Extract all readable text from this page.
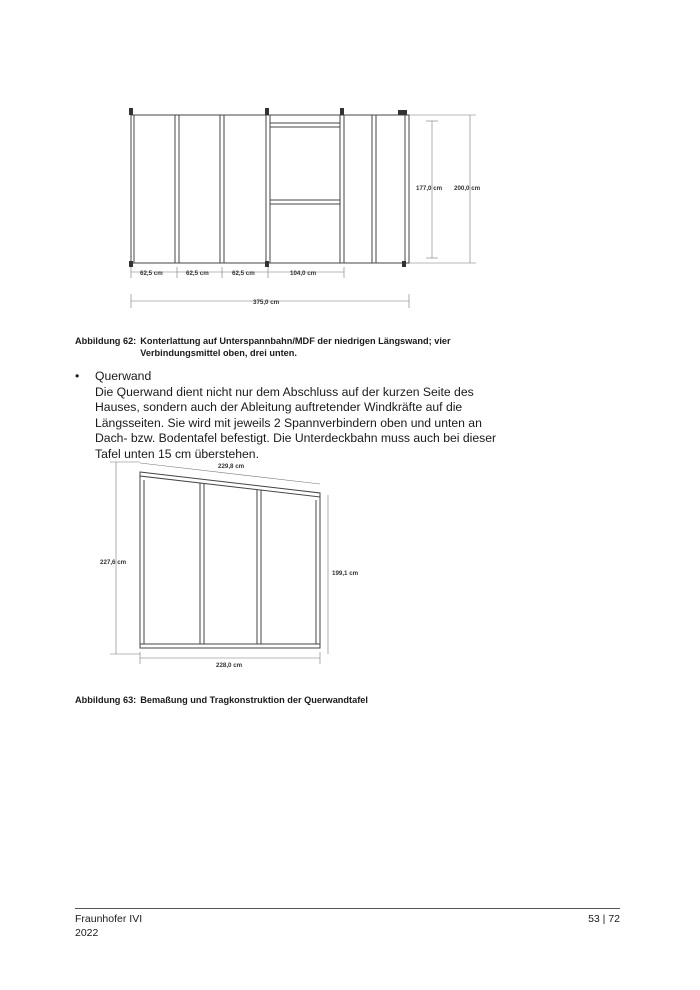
62,5 cm	62,5 cm	62,5 cm	104,0 cm
375,0 cm
177,0 cm 200,0 cm
Abbildung 62: Konterlattung auf Unterspannbahn/MDF der niedrigen Längswand; vier Verbindungsmittel oben, drei unten.
•	Querwand
Die Querwand dient nicht nur dem Abschluss auf der kurzen Seite des Hauses, sondern auch der Ableitung auftretender Windkräfte auf die Längsseiten. Sie wird mit jeweils 2 Spannverbindern oben und unten an Dach- bzw. Bodentafel befestigt. Die Unterdeckbahn muss auch bei dieser Tafel unten 15 cm überstehen.
229,8 cm
227,6 cm
199,1 cm
228,0 cm
Abbildung 63: Bemaßung und Tragkonstruktion der Querwandtafel
Fraunhofer IVI
2022
53 | 72
